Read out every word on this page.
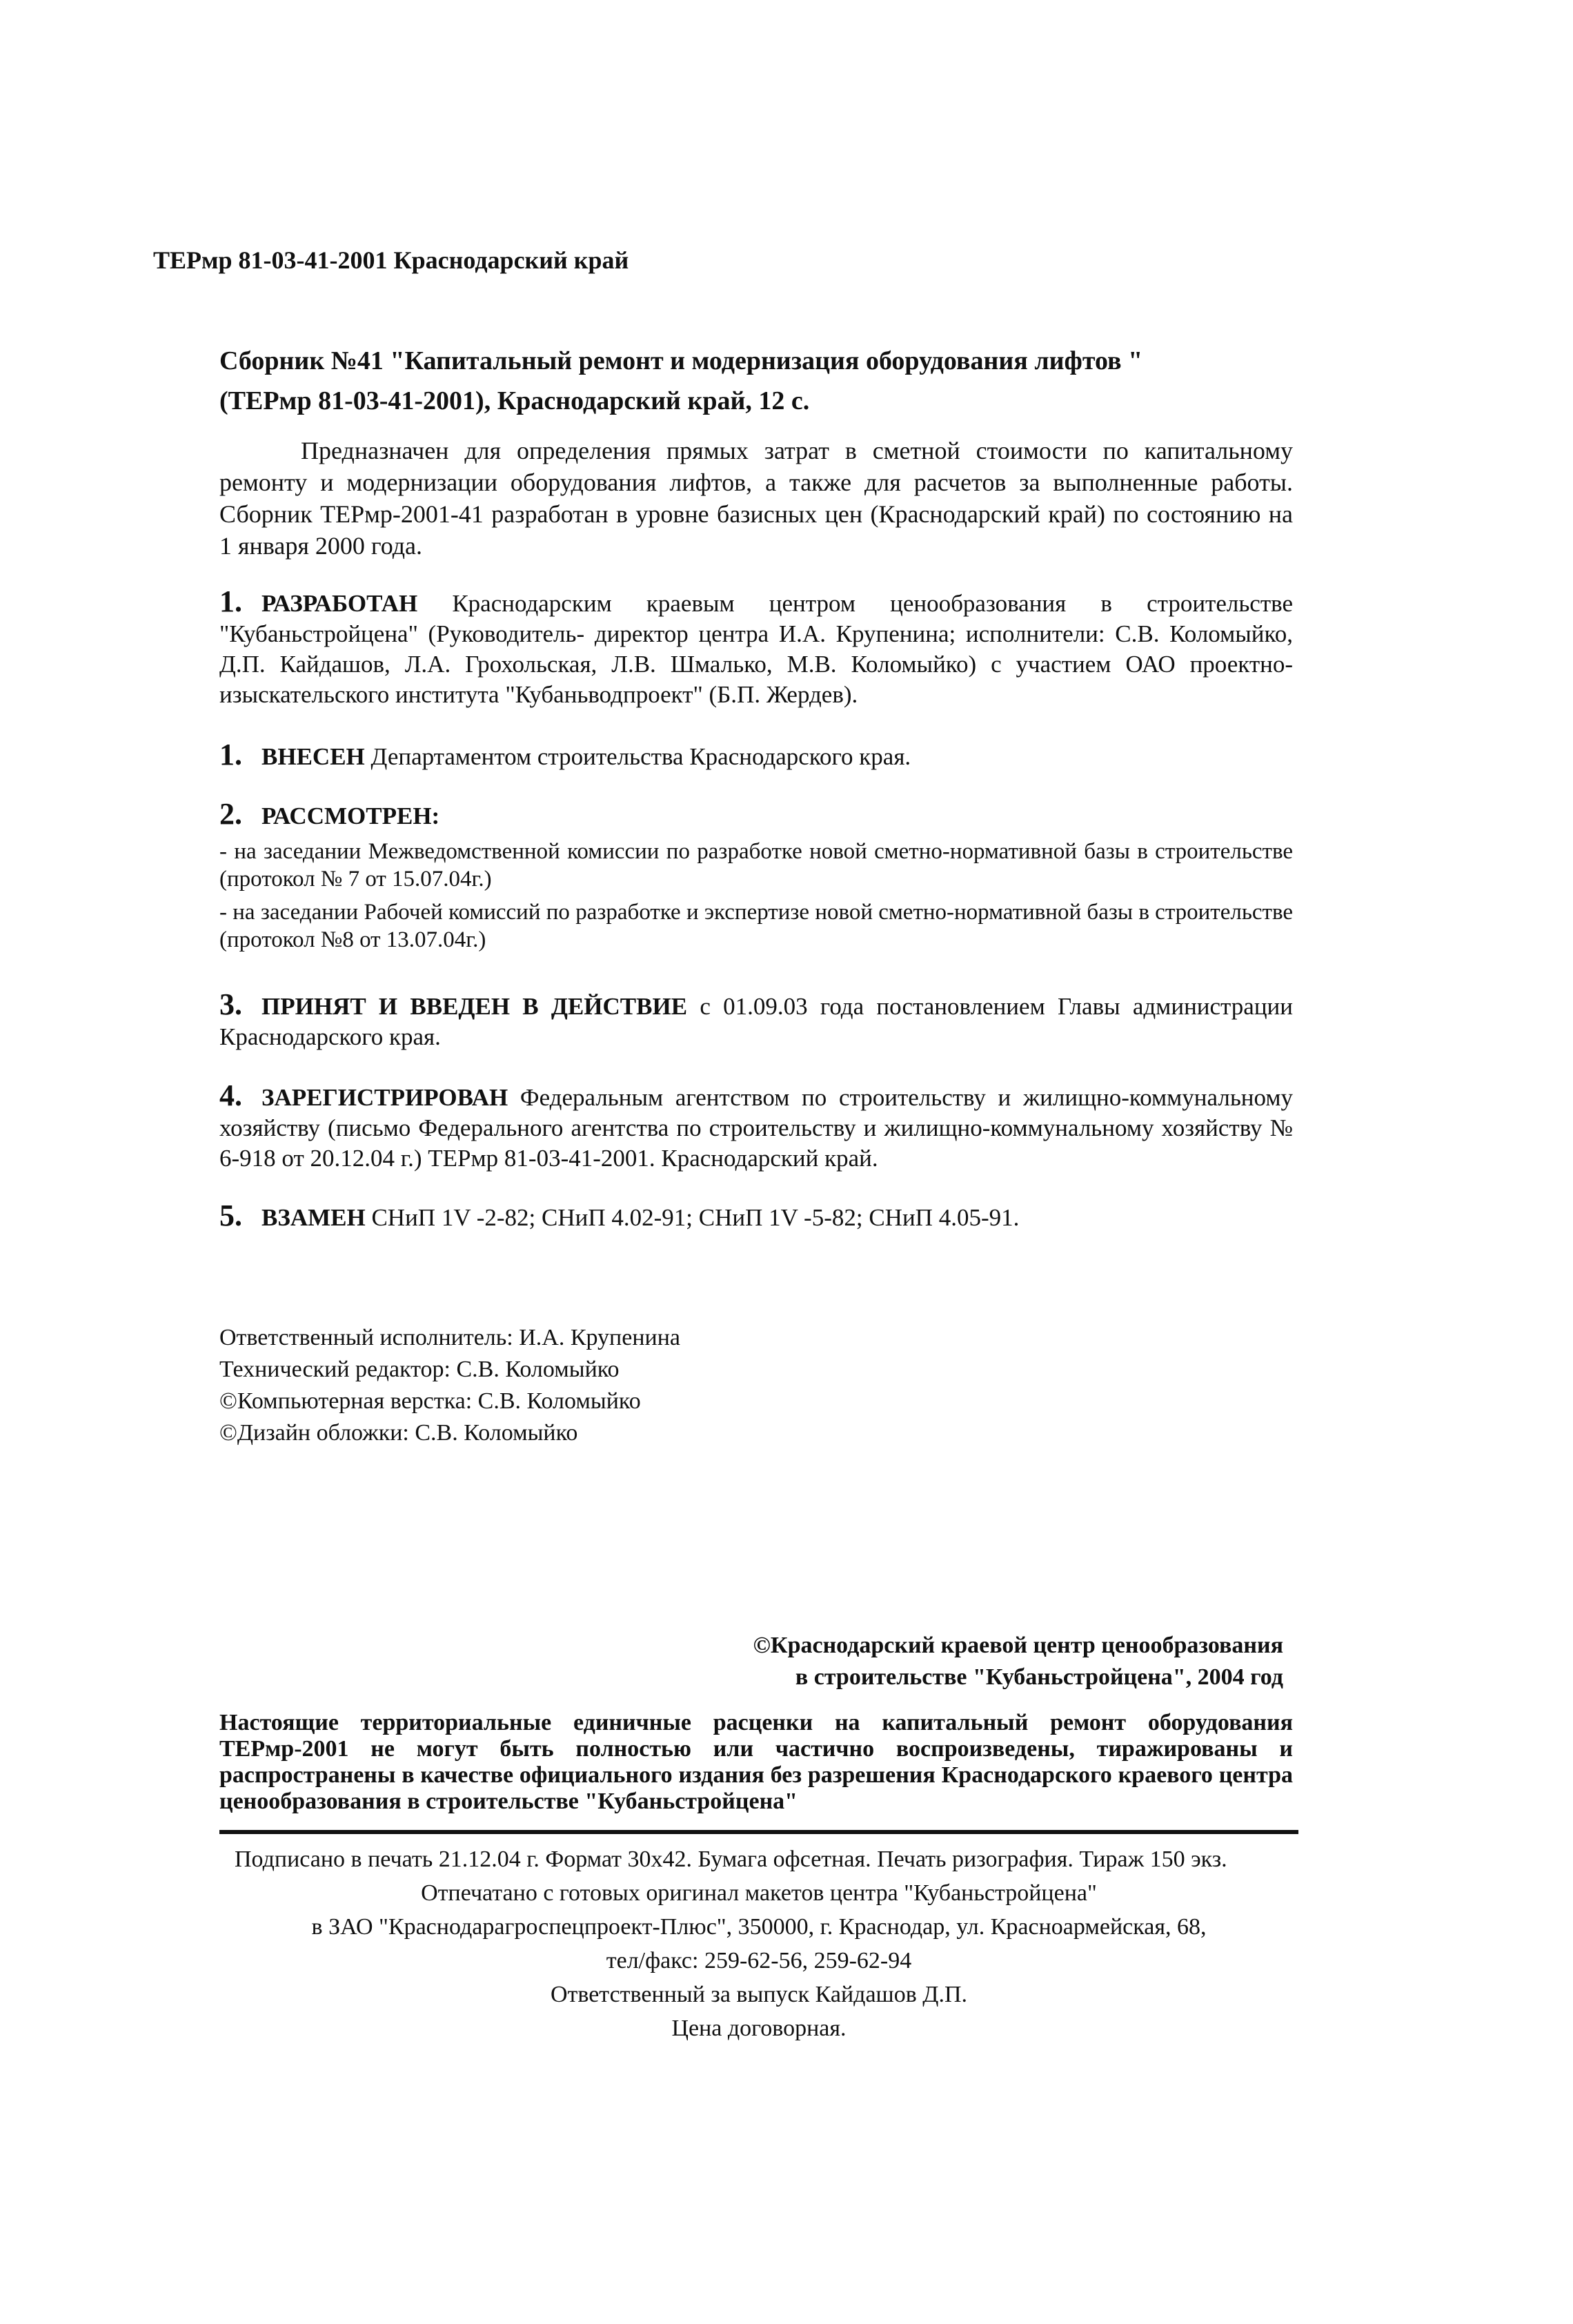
ТЕРмр 81-03-41-2001 Краснодарский край
Сборник №41 "Капитальный ремонт и модернизация оборудования лифтов "
(ТЕРмр 81-03-41-2001), Краснодарский край, 12 с.
Предназначен для определения прямых затрат в сметной стоимости по капитальному ремонту и модернизации оборудования лифтов, а также для расчетов за выполненные работы. Сборник ТЕРмр-2001-41 разработан в уровне базисных цен (Краснодарский край) по состоянию на 1 января 2000 года.
1. РАЗРАБОТАН Краснодарским краевым центром ценообразования в строительстве "Кубаньстройцена" (Руководитель- директор центра И.А. Крупенина; исполнители: С.В. Коломыйко, Д.П. Кайдашов, Л.А. Грохольская, Л.В. Шмалько, М.В. Коломыйко) с участием ОАО проектно-изыскательского института "Кубаньводпроект" (Б.П. Жердев).
1. ВНЕСЕН Департаментом строительства Краснодарского края.
2. РАССМОТРЕН:
- на заседании Межведомственной комиссии по разработке новой сметно-нормативной базы в строительстве (протокол № 7 от 15.07.04г.)
- на заседании Рабочей комиссий по разработке и экспертизе новой сметно-нормативной базы в строительстве (протокол №8 от 13.07.04г.)
3. ПРИНЯТ И ВВЕДЕН В ДЕЙСТВИЕ с 01.09.03 года постановлением Главы администрации Краснодарского края.
4. ЗАРЕГИСТРИРОВАН Федеральным агентством по строительству и жилищно-коммунальному хозяйству (письмо Федерального агентства по строительству и жилищно-коммунальному хозяйству № 6-918 от 20.12.04 г.) ТЕРмр 81-03-41-2001. Краснодарский край.
5. ВЗАМЕН СНиП 1V -2-82; СНиП 4.02-91; СНиП 1V -5-82; СНиП 4.05-91.
Ответственный исполнитель: И.А. Крупенина
Технический редактор: С.В. Коломыйко
©Компьютерная верстка: С.В. Коломыйко
©Дизайн обложки: С.В. Коломыйко
©Краснодарский краевой центр ценообразования
в строительстве "Кубаньстройцена", 2004 год
Настоящие территориальные единичные расценки на капитальный ремонт оборудования ТЕРмр-2001 не могут быть полностью или частично воспроизведены, тиражированы и распространены в качестве официального издания без разрешения Краснодарского краевого центра ценообразования в строительстве "Кубаньстройцена"
Подписано в печать 21.12.04 г. Формат 30х42. Бумага офсетная. Печать ризография. Тираж 150 экз.
Отпечатано с готовых оригинал макетов центра "Кубаньстройцена"
в ЗАО "Краснодарагроспецпроект-Плюс", 350000, г. Краснодар, ул. Красноармейская, 68,
тел/факс: 259-62-56, 259-62-94
Ответственный за выпуск Кайдашов Д.П.
Цена договорная.
